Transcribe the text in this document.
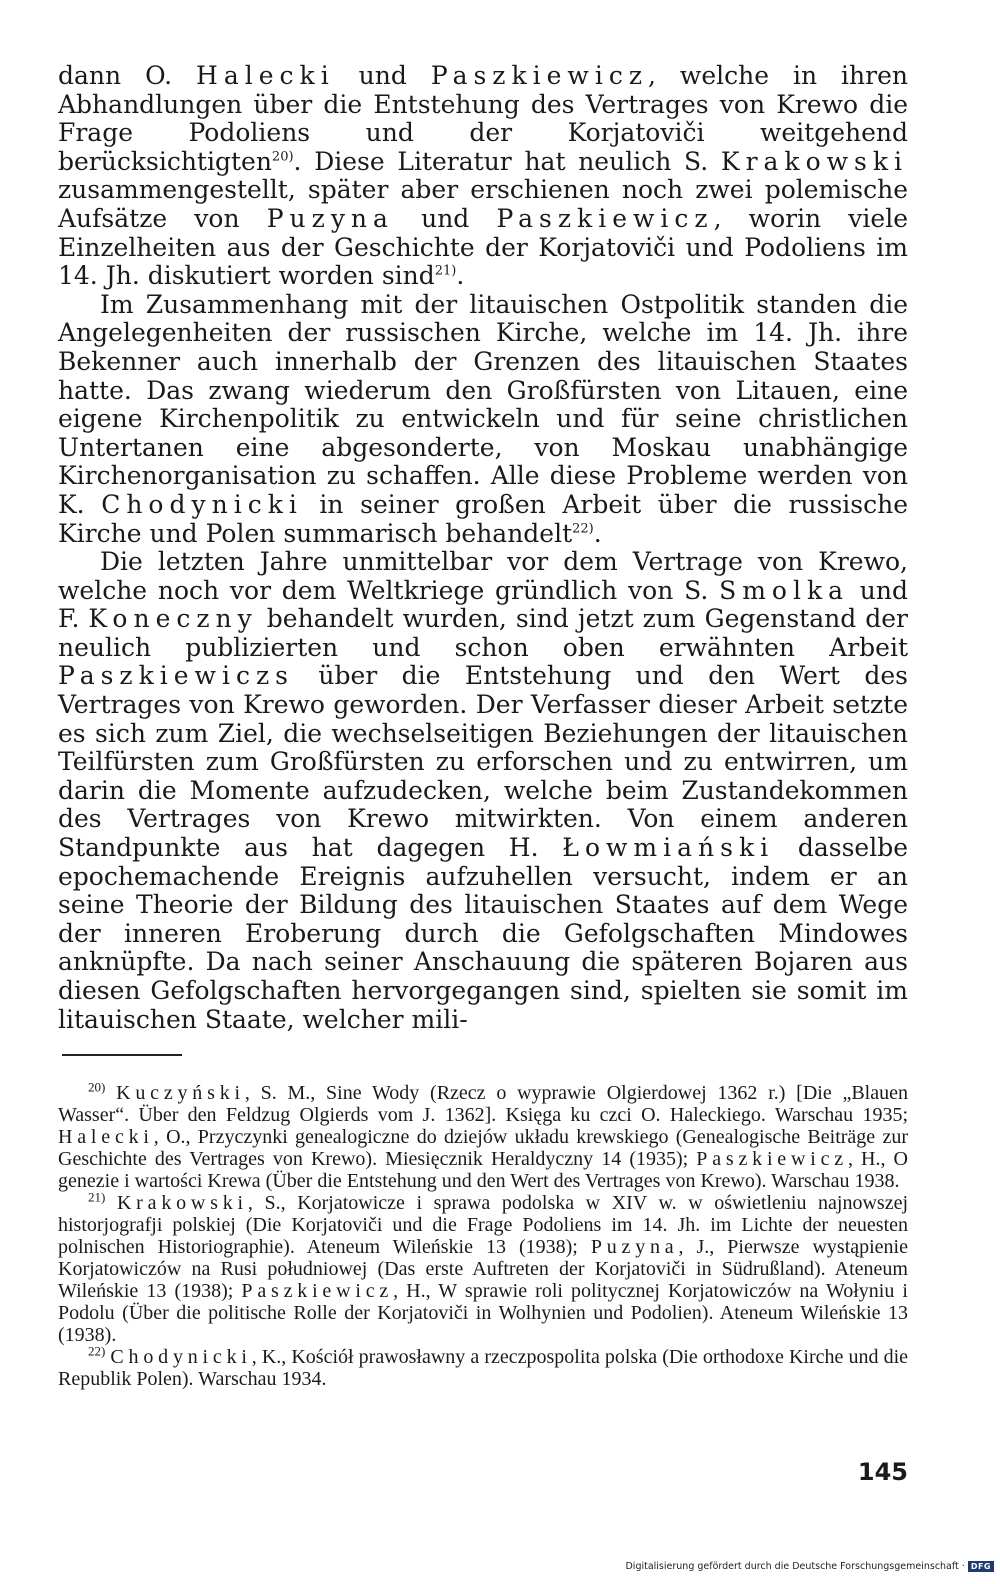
dann O. Halecki und Paszkiewicz, welche in ihren Abhandlungen über die Entstehung des Vertrages von Krewo die Frage Podoliens und der Korjatoviči weitgehend berücksichtigten$^{20)}$. Diese Literatur hat neulich S. Krakowski zusammengestellt, später aber erschienen noch zwei polemische Aufsätze von Puzyna und Paszkiewicz, worin viele Einzelheiten aus der Geschichte der Korjatoviči und Podoliens im 14. Jh. diskutiert worden sind$^{21)}$.

Im Zusammenhang mit der litauischen Ostpolitik standen die Angelegenheiten der russischen Kirche, welche im 14. Jh. ihre Bekenner auch innerhalb der Grenzen des litauischen Staates hatte. Das zwang wiederum den Großfürsten von Litauen, eine eigene Kirchenpolitik zu entwickeln und für seine christlichen Untertanen eine abgesonderte, von Moskau unabhängige Kirchenorganisation zu schaffen. Alle diese Probleme werden von K. Chodynicki in seiner großen Arbeit über die russische Kirche und Polen summarisch behandelt$^{22)}$.

Die letzten Jahre unmittelbar vor dem Vertrage von Krewo, welche noch vor dem Weltkriege gründlich von S. Smolka und F. Koneczny behandelt wurden, sind jetzt zum Gegenstand der neulich publizierten und schon oben erwähnten Arbeit Paszkiewiczs über die Entstehung und den Wert des Vertrages von Krewo geworden. Der Verfasser dieser Arbeit setzte es sich zum Ziel, die wechselseitigen Beziehungen der litauischen Teilfürsten zum Großfürsten zu erforschen und zu entwirren, um darin die Momente aufzudecken, welche beim Zustandekommen des Vertrages von Krewo mitwirkten. Von einem anderen Standpunkte aus hat dagegen H. Łowmiański dasselbe epochemachende Ereignis aufzuhellen versucht, indem er an seine Theorie der Bildung des litauischen Staates auf dem Wege der inneren Eroberung durch die Gefolgschaften Mindowes anknüpfte. Da nach seiner Anschauung die späteren Bojaren aus diesen Gefolgschaften hervorgegangen sind, spielten sie somit im litauischen Staate, welcher mili-

$^{20)}$ Kuczyński, S. M., Sine Wody (Rzecz o wyprawie Olgierdowej 1362 r.) [Die „Blauen Wasser“. Über den Feldzug Olgierds vom J. 1362]. Księga ku czci O. Haleckiego. Warschau 1935; Halecki, O., Przyczynki genealogiczne do dziejów układu krewskiego (Genealogische Beiträge zur Geschichte des Vertrages von Krewo). Miesięcznik Heraldyczny 14 (1935); Paszkiewicz, H., O genezie i wartości Krewa (Über die Entstehung und den Wert des Vertrages von Krewo). Warschau 1938.

$^{21)}$ Krakowski, S., Korjatowicze i sprawa podolska w XIV w. w oświetleniu najnowszej historjografji polskiej (Die Korjatoviči und die Frage Podoliens im 14. Jh. im Lichte der neuesten polnischen Historiographie). Ateneum Wileńskie 13 (1938); Puzyna, J., Pierwsze wystąpienie Korjatowiczów na Rusi południowej (Das erste Auftreten der Korjatoviči in Südrußland). Ateneum Wileńskie 13 (1938); Paszkiewicz, H., W sprawie roli politycznej Korjatowiczów na Wołyniu i Podolu (Über die politische Rolle der Korjatoviči in Wolhynien und Podolien). Ateneum Wileńskie 13 (1938).

$^{22)}$ Chodynicki, K., Kościół prawosławny a rzeczpospolita polska (Die orthodoxe Kirche und die Republik Polen). Warschau 1934.

145
Digitalisierung gefördert durch die Deutsche Forschungsgemeinschaft · DFG
